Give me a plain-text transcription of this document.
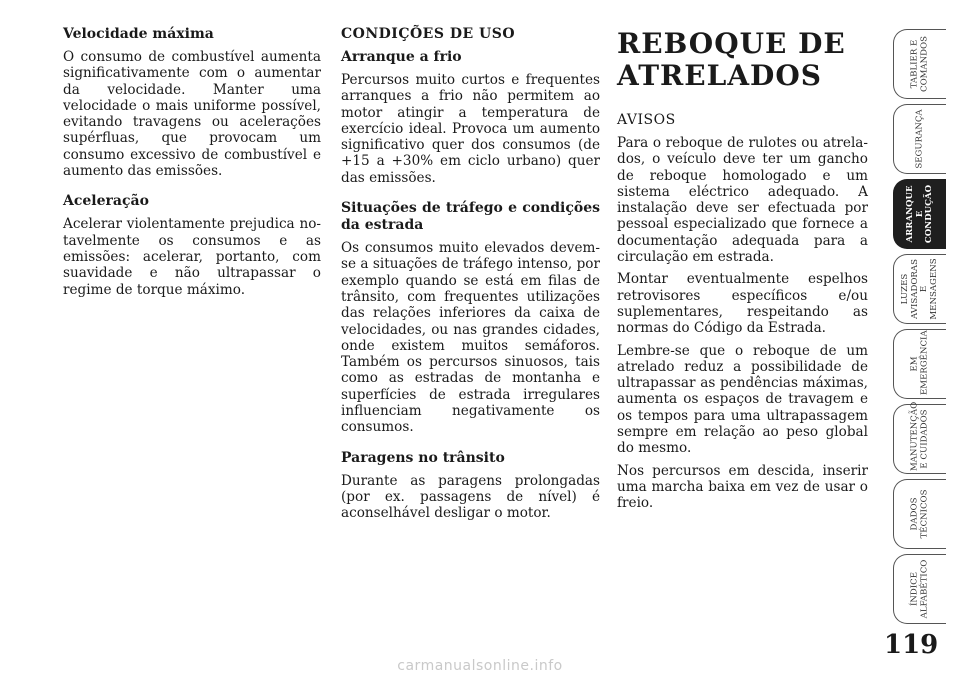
Velocidade máxima

O consumo de combustível aumenta significativamente com o aumentar da velocidade. Manter uma velocidade o mais uniforme possível, evitando travagens ou acelerações supérfluas, que provocam um consumo excessivo de combustível e aumento das emissões.

Aceleração

Acelerar violentamente prejudica notavelmente os consumos e as emissões: acelerar, portanto, com suavidade e não ultrapassar o regime de torque máximo.

CONDIÇÕES DE USO
Arranque a frio

Percursos muito curtos e frequentes arranques a frio não permitem ao motor atingir a temperatura de exercício ideal. Provoca um aumento significativo quer dos consumos (de +15 a +30% em ciclo urbano) quer das emissões.

Situações de tráfego e condições da estrada

Os consumos muito elevados devem-se a situações de tráfego intenso, por exemplo quando se está em filas de trânsito, com frequentes utilizações das relações inferiores da caixa de velocidades, ou nas grandes cidades, onde existem muitos semáforos. Também os percursos sinuosos, tais como as estradas de montanha e superfícies de estrada irregulares influenciam negativamente os consumos.

Paragens no trânsito

Durante as paragens prolongadas (por ex. passagens de nível) é aconselhável desligar o motor.

REBOQUE DE
ATRELADOS
AVISOS

Para o reboque de rulotes ou atrelados, o veículo deve ter um gancho de reboque homologado e um sistema eléctrico adequado. A instalação deve ser efectuada por pessoal especializado que fornece a documentação adequada para a circulação em estrada.

Montar eventualmente espelhos retrovisores específicos e/ou suplementares, respeitando as normas do Código da Estrada.

Lembre-se que o reboque de um atrelado reduz a possibilidade de ultrapassar as pendências máximas, aumenta os espaços de travagem e os tempos para uma ultrapassagem sempre em relação ao peso global do mesmo.

Nos percursos em descida, inserir uma marcha baixa em vez de usar o freio.

TABLIER E COMANDOS
SEGURANÇA
ARRANQUE E CONDUÇÃO
LUZES AVISADORAS E MENSAGENS
EM EMERGÊNCIA
MANUTENÇÃO E CUIDADOS
DADOS TÉCNICOS
ÍNDICE ALFABÉTICO
119
carmanualsonline.info
